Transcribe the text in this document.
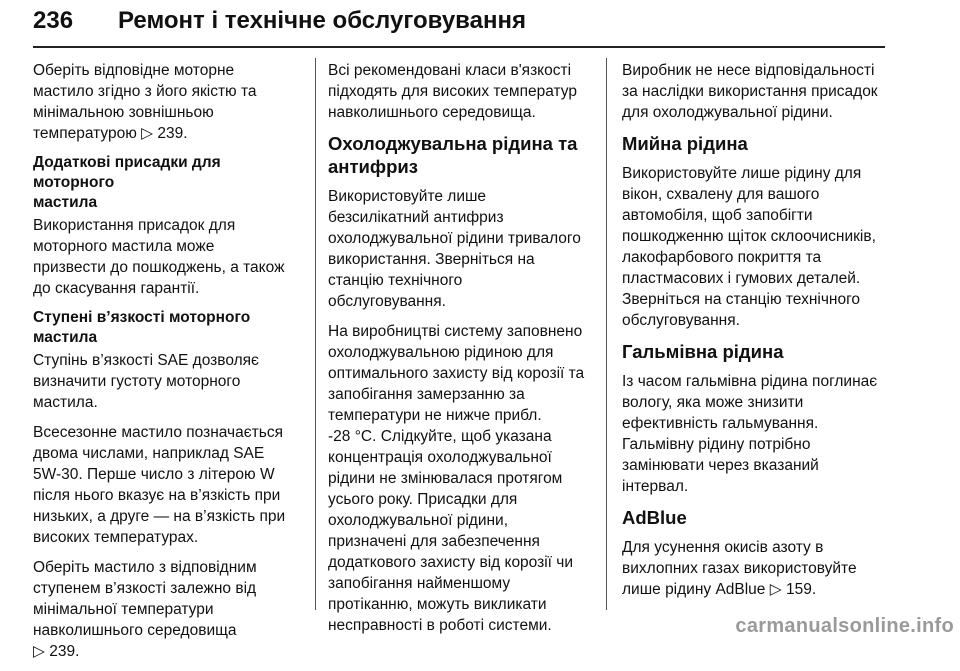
236 Ремонт і технічне обслуговування

Оберіть відповідне моторне
мастило згідно з його якістю та
мінімальною зовнішньою
температурою ▷ 239.

Додаткові присадки для моторного
мастила

Використання присадок для
моторного мастила може
призвести до пошкоджень, а також
до скасування гарантії.

Ступені в’язкості моторного
мастила

Ступінь в’язкості SAE дозволяє
визначити густоту моторного
мастила.

Всесезонне мастило позначається
двома числами, наприклад SAE
5W-30. Перше число з літерою W
після нього вказує на в’язкість при
низьких, а друге — на в’язкість при
високих температурах.

Оберіть мастило з відповідним
ступенем в’язкості залежно від
мінімальної температури
навколишнього середовища
▷ 239.

Всі рекомендовані класи в'язкості
підходять для високих температур
навколишнього середовища.

Охолоджувальна рідина та
антифриз

Використовуйте лише
безсилікатний антифриз
охолоджувальної рідини тривалого
використання. Зверніться на
станцію технічного
обслуговування.

На виробництві систему заповнено
охолоджувальною рідиною для
оптимального захисту від корозії та
запобігання замерзанню за
температури не нижче прибл.
-28 °C. Слідкуйте, щоб указана
концентрація охолоджувальної
рідини не змінювалася протягом
усього року. Присадки для
охолоджувальної рідини,
призначені для забезпечення
додаткового захисту від корозії чи
запобігання найменшому
протіканню, можуть викликати
несправності в роботі системи.

Виробник не несе відповідальності
за наслідки використання присадок
для охолоджувальної рідини.

Мийна рідина

Використовуйте лише рідину для
вікон, схвалену для вашого
автомобіля, щоб запобігти
пошкодженню щіток склоочисників,
лакофарбового покриття та
пластмасових і гумових деталей.
Зверніться на станцію технічного
обслуговування.

Гальмівна рідина

Із часом гальмівна рідина поглинає
вологу, яка може знизити
ефективність гальмування.
Гальмівну рідину потрібно
замінювати через вказаний
інтервал.

AdBlue

Для усунення окисів азоту в
вихлопних газах використовуйте
лише рідину AdBlue ▷ 159.

carmanualsonline.info
